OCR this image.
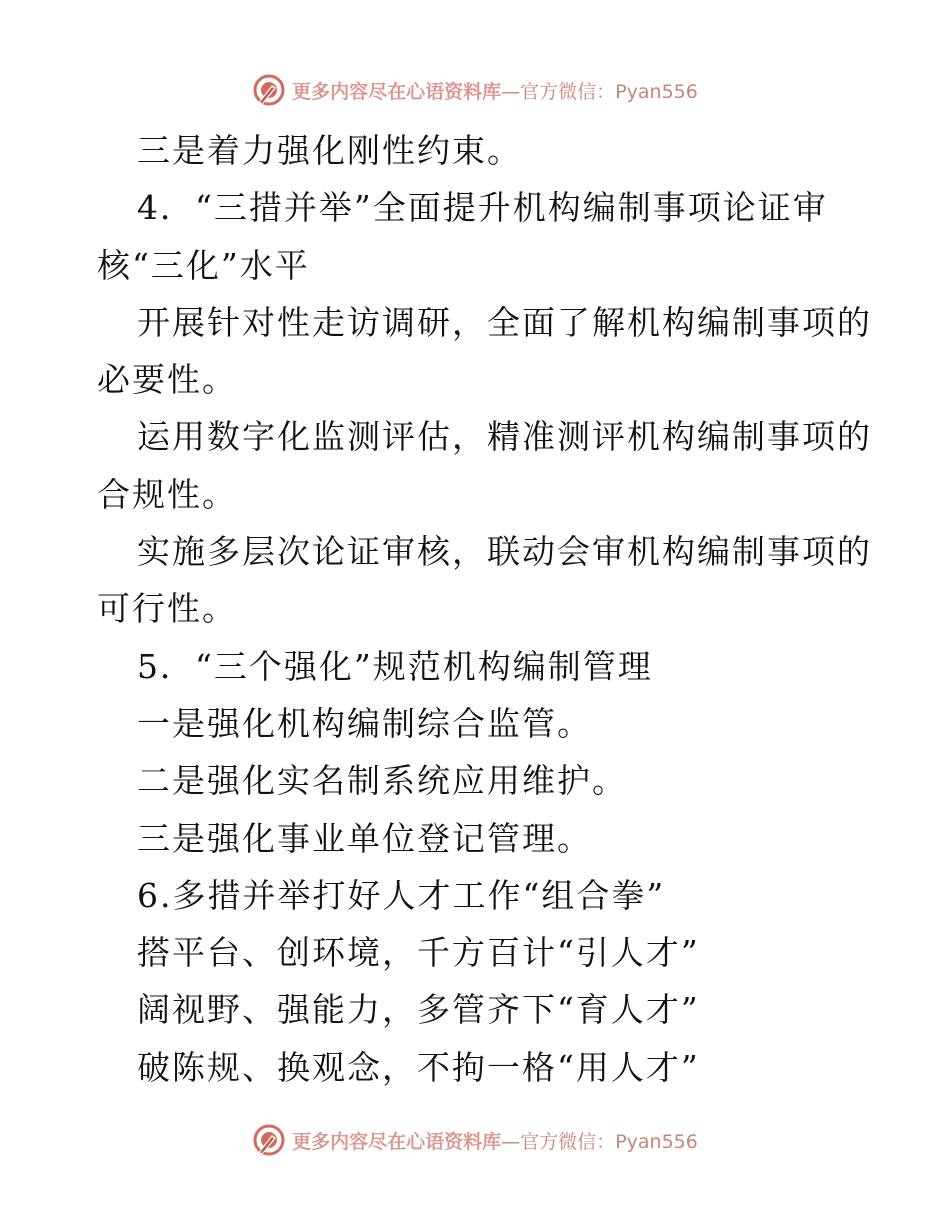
更多内容尽在心语资料库—官方微信：Pyan556
三是着力强化刚性约束。
4．“三措并举”全面提升机构编制事项论证审
核“三化”水平
开展针对性走访调研，全面了解机构编制事项的
必要性。
运用数字化监测评估，精准测评机构编制事项的
合规性。
实施多层次论证审核，联动会审机构编制事项的
可行性。
5．“三个强化”规范机构编制管理
一是强化机构编制综合监管。
二是强化实名制系统应用维护。
三是强化事业单位登记管理。
6.多措并举打好人才工作“组合拳”
搭平台、创环境，千方百计“引人才”
阔视野、强能力，多管齐下“育人才”
破陈规、换观念，不拘一格“用人才”
更多内容尽在心语资料库—官方微信：Pyan556
